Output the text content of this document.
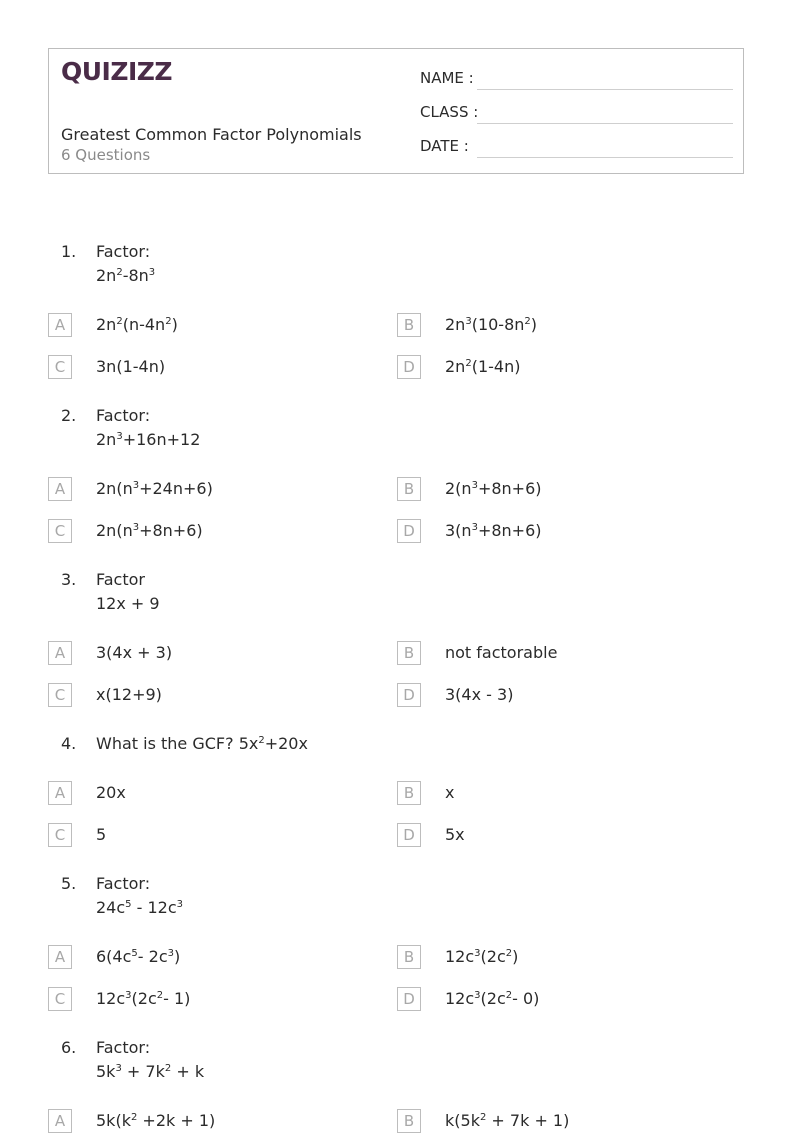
QUIZIZZ
Greatest Common Factor Polynomials
6 Questions
NAME :
CLASS :
DATE :
1. Factor:
$2n^2-8n^3$
A	$2n^2(n-4n^2)$	B	$2n^3(10-8n^2)$
C	3n(1-4n)	D	$2n^2(1-4n)$
2. Factor:
$2n^3+16n+12$
A	$2n(n^3+24n+6)$	B	$2(n^3+8n+6)$
C	$2n(n^3+8n+6)$	D	$3(n^3+8n+6)$
3. Factor
12x + 9
A	3(4x + 3)	B	not factorable
C	x(12+9)	D	3(4x - 3)
4. What is the GCF? $5x^2+20x$
A	20x	B	x
C	5	D	5x
5. Factor:
$24c^5 - 12c^3$
A	$6(4c^5-$ $2c^3$)	B	$12c^3(2c^2)$
C	$12c^3(2c^2-$ 1)	D	$12c^3(2c^2-$ 0)
6. Factor:
$5k^3 + 7k^2 + k$
A	$5k(k^2 +2k + 1)$	B	$k(5k^2 + 7k + 1)$
